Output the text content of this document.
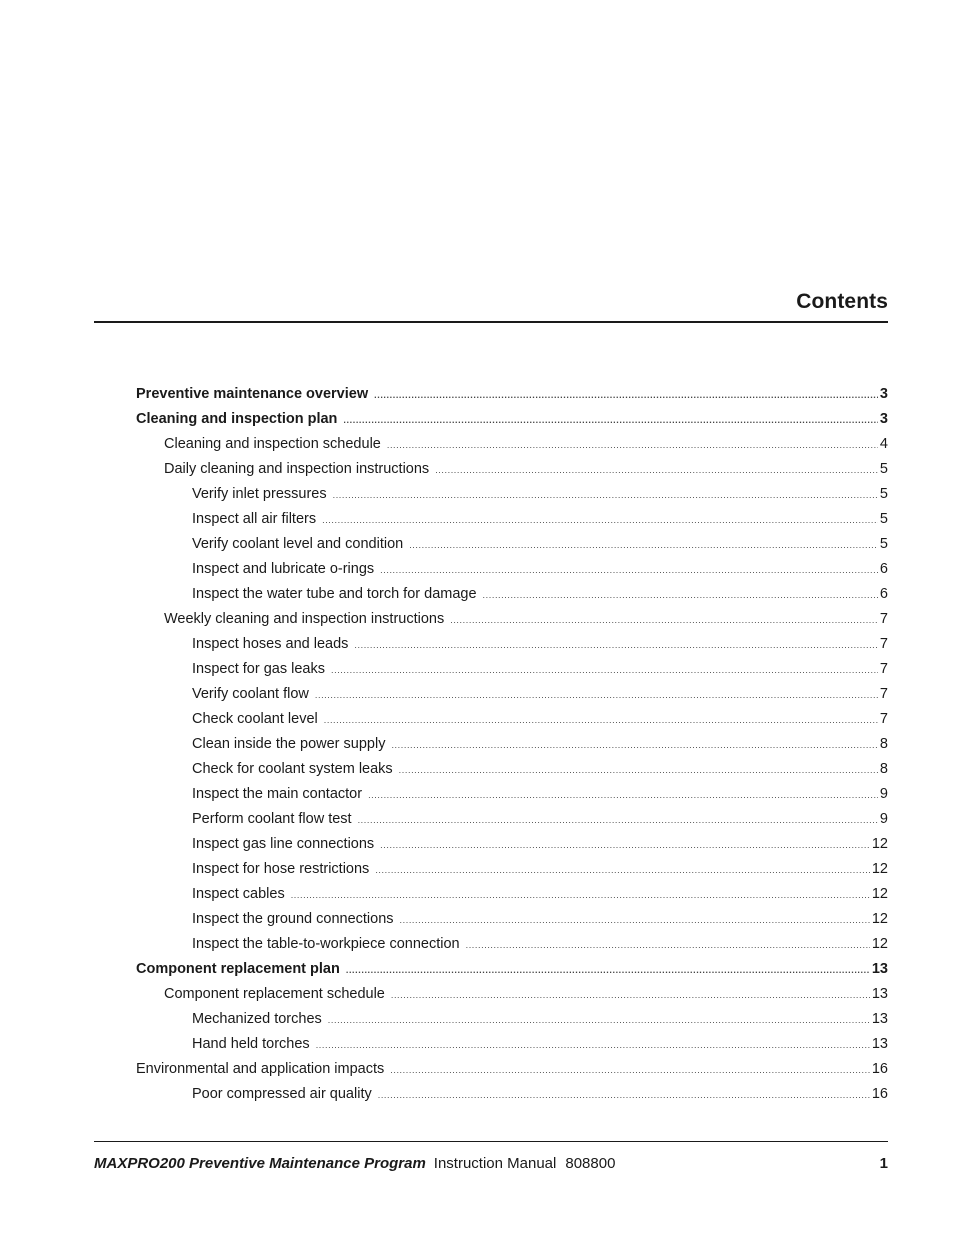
Contents
Preventive maintenance overview .....	3
Cleaning and inspection plan .....	3
Cleaning and inspection schedule .....	4
Daily cleaning and inspection instructions .....	5
Verify inlet pressures .....	5
Inspect all air filters .....	5
Verify coolant level and condition .....	5
Inspect and lubricate o-rings .....	6
Inspect the water tube and torch for damage .....	6
Weekly cleaning and inspection instructions .....	7
Inspect hoses and leads .....	7
Inspect for gas leaks .....	7
Verify coolant flow .....	7
Check coolant level .....	7
Clean inside the power supply .....	8
Check for coolant system leaks .....	8
Inspect the main contactor .....	9
Perform coolant flow test .....	9
Inspect gas line connections .....	12
Inspect for hose restrictions .....	12
Inspect cables .....	12
Inspect the ground connections .....	12
Inspect the table-to-workpiece connection .....	12
Component replacement plan .....	13
Component replacement schedule .....	13
Mechanized torches .....	13
Hand held torches .....	13
Environmental and application impacts .....	16
Poor compressed air quality .....	16
MAXPRO200 Preventive Maintenance Program Instruction Manual 808800	1
